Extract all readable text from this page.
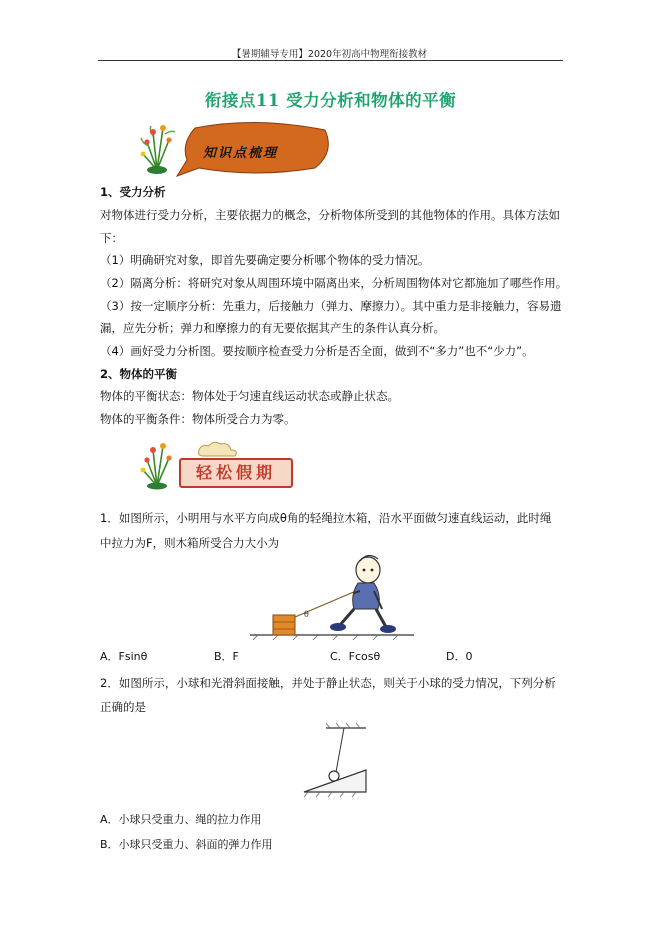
【暑期辅导专用】2020年初高中物理衔接教材
衔接点11 受力分析和物体的平衡
知识点梳理
1、受力分析
对物体进行受力分析，主要依据力的概念，分析物体所受到的其他物体的作用。具体方法如
下：
（1）明确研究对象，即首先要确定要分析哪个物体的受力情况。
（2）隔离分析：将研究对象从周围环境中隔离出来，分析周围物体对它都施加了哪些作用。
（3）按一定顺序分析：先重力，后接触力（弹力、摩擦力）。其中重力是非接触力，容易遗
漏，应先分析；弹力和摩擦力的有无要依据其产生的条件认真分析。
（4）画好受力分析图。要按顺序检查受力分析是否全面，做到不“多力”也不“少力”。
2、物体的平衡
物体的平衡状态：物体处于匀速直线运动状态或静止状态。
物体的平衡条件：物体所受合力为零。
轻松假期
1．如图所示，小明用与水平方向成θ角的轻绳拉木箱，沿水平面做匀速直线运动，此时绳
中拉力为F，则木箱所受合力大小为
θ
A．Fsinθ	B．F	C．Fcosθ	D．0
2．如图所示，小球和光滑斜面接触，并处于静止状态，则关于小球的受力情况，下列分析
正确的是
A．小球只受重力、绳的拉力作用
B．小球只受重力、斜面的弹力作用
